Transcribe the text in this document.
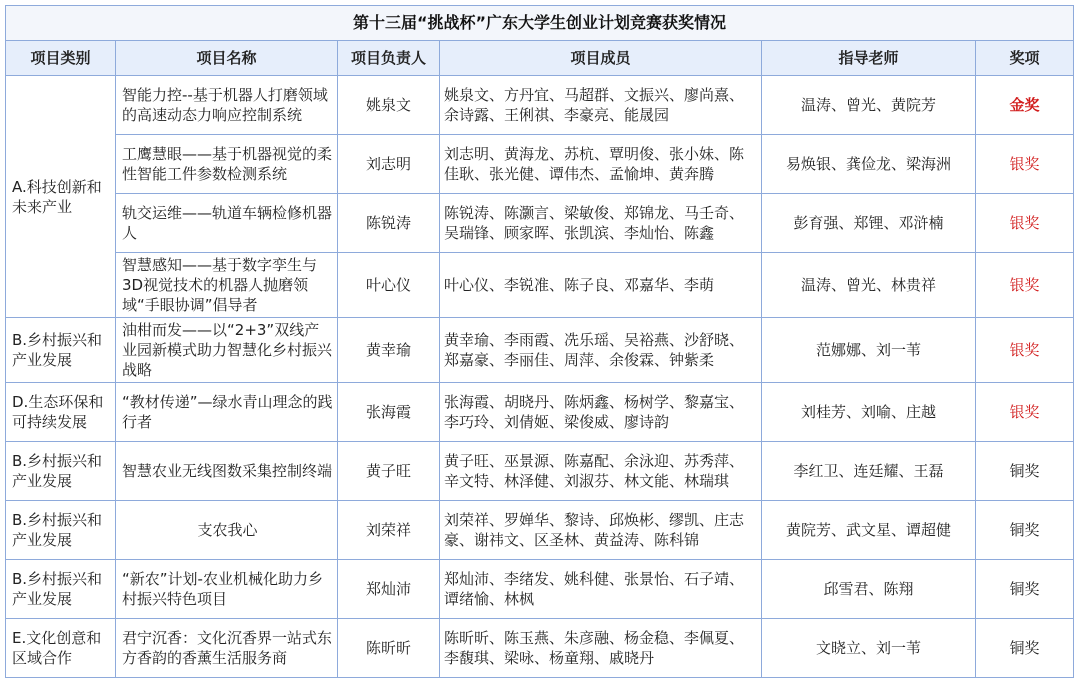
第十三届“挑战杯”广东大学生创业计划竞赛获奖情况					
项目类别	项目名称	项目负责人	项目成员	指导老师	奖项
A.科技创新和未来产业	智能力控--基于机器人打磨领域的高速动态力响应控制系统	姚泉文	姚泉文、方丹宜、马超群、文振兴、廖尚熹、余诗露、王俐祺、李豪亮、能晟园	温涛、曾光、黄院芳	金奖
	工鹰慧眼——基于机器视觉的柔性智能工件参数检测系统	刘志明	刘志明、黄海龙、苏杭、覃明俊、张小妹、陈佳耿、张光健、谭伟杰、孟愉坤、黄奔腾	易焕银、龚俭龙、梁海洲	银奖
	轨交运维——轨道车辆检修机器人	陈锐涛	陈锐涛、陈灏言、梁敏俊、郑锦龙、马壬奇、吴瑞锋、顾家晖、张凯滨、李灿怡、陈鑫	彭育强、郑锂、邓浒楠	银奖
	智慧感知——基于数字孪生与3D视觉技术的机器人抛磨领域“手眼协调”倡导者	叶心仪	叶心仪、李锐准、陈子良、邓嘉华、李萌	温涛、曾光、林贵祥	银奖
B.乡村振兴和产业发展	油柑而发——以“2+3”双线产业园新模式助力智慧化乡村振兴战略	黄幸瑜	黄幸瑜、李雨霞、冼乐瑶、吴裕燕、沙舒晓、郑嘉豪、李丽佳、周萍、余俊霖、钟紫柔	范娜娜、刘一苇	银奖
D.生态环保和可持续发展	“教材传递”—绿水青山理念的践行者	张海霞	张海霞、胡晓丹、陈炳鑫、杨树学、黎嘉宝、李巧玲、刘倩姬、梁俊威、廖诗韵	刘桂芳、刘喻、庄越	银奖
B.乡村振兴和产业发展	智慧农业无线图数采集控制终端	黄子旺	黄子旺、巫景源、陈嘉配、余泳迎、苏秀萍、辛文特、林泽健、刘淑芬、林文能、林瑞琪	李红卫、连廷耀、王磊	铜奖
B.乡村振兴和产业发展	支农我心	刘荣祥	刘荣祥、罗婵华、黎诗、邱焕彬、缪凯、庄志豪、谢祎文、区圣林、黄益涛、陈科锦	黄院芳、武文星、谭超健	铜奖
B.乡村振兴和产业发展	“新农”计划-农业机械化助力乡村振兴特色项目	郑灿沛	郑灿沛、李绪发、姚科健、张景怡、石子靖、谭绪愉、林枫	邱雪君、陈翔	铜奖
E.文化创意和区域合作	君宁沉香：文化沉香界一站式东方香韵的香薰生活服务商	陈昕昕	陈昕昕、陈玉燕、朱彦融、杨金稳、李佩夏、李馥琪、梁咏、杨童翔、戚晓丹	文晓立、刘一苇	铜奖
